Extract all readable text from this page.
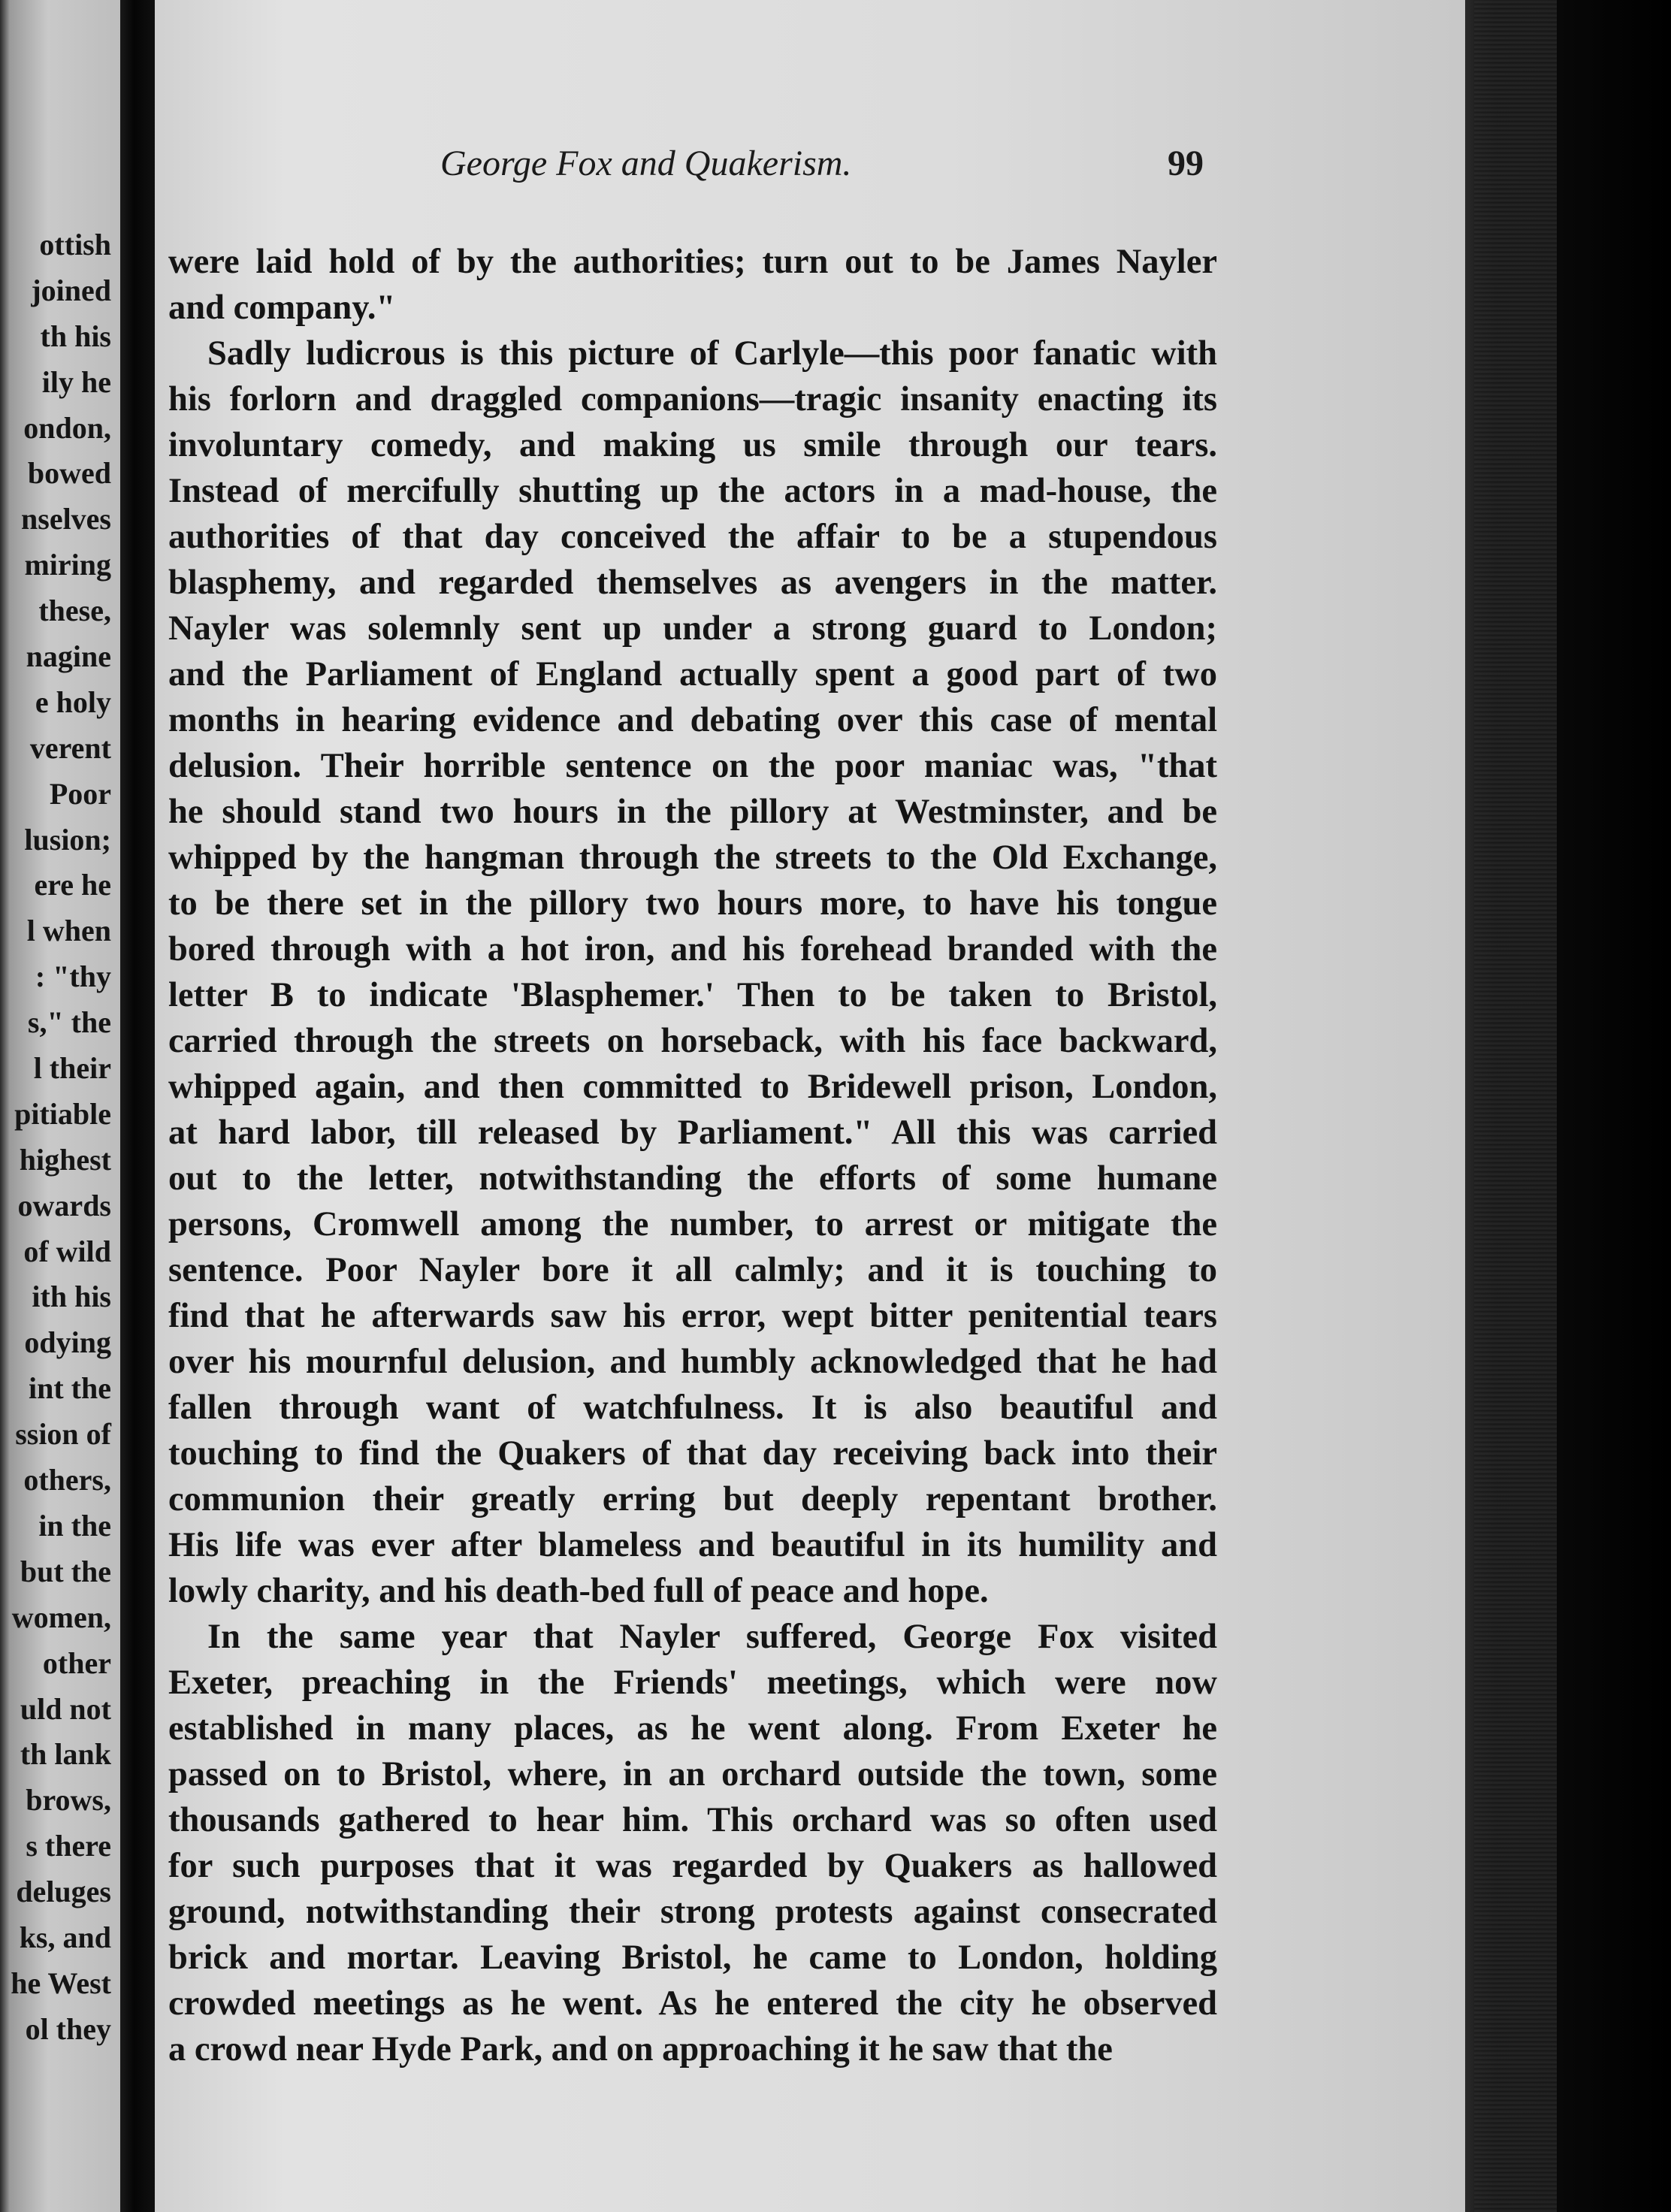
ottish
joined
th his
ily he
ondon,
bowed
nselves
miring
these,
nagine
e holy
verent
Poor
lusion;
ere he
l when
: "thy
s," the
l their
pitiable
highest
owards
of wild
ith his
odying
int the
ssion of
others,
in the
but the
women,
other
uld not
th lank
brows,
s there
deluges
ks, and
he West
ol they
George Fox and Quakerism.	99
were laid hold of by the authorities; turn out to be James Nayler
and company."
Sadly ludicrous is this picture of Carlyle—this poor fanatic with
his forlorn and draggled companions—tragic insanity enacting its
involuntary comedy, and making us smile through our tears.
Instead of mercifully shutting up the actors in a mad-house, the
authorities of that day conceived the affair to be a stupendous
blasphemy, and regarded themselves as avengers in the matter.
Nayler was solemnly sent up under a strong guard to London;
and the Parliament of England actually spent a good part of two
months in hearing evidence and debating over this case of mental
delusion. Their horrible sentence on the poor maniac was, "that
he should stand two hours in the pillory at Westminster, and be
whipped by the hangman through the streets to the Old Exchange,
to be there set in the pillory two hours more, to have his tongue
bored through with a hot iron, and his forehead branded with the
letter B to indicate 'Blasphemer.' Then to be taken to Bristol,
carried through the streets on horseback, with his face backward,
whipped again, and then committed to Bridewell prison, London,
at hard labor, till released by Parliament." All this was carried
out to the letter, notwithstanding the efforts of some humane
persons, Cromwell among the number, to arrest or mitigate the
sentence. Poor Nayler bore it all calmly; and it is touching to
find that he afterwards saw his error, wept bitter penitential tears
over his mournful delusion, and humbly acknowledged that he had
fallen through want of watchfulness. It is also beautiful and
touching to find the Quakers of that day receiving back into their
communion their greatly erring but deeply repentant brother.
His life was ever after blameless and beautiful in its humility and
lowly charity, and his death-bed full of peace and hope.
In the same year that Nayler suffered, George Fox visited
Exeter, preaching in the Friends' meetings, which were now
established in many places, as he went along. From Exeter he
passed on to Bristol, where, in an orchard outside the town, some
thousands gathered to hear him. This orchard was so often used
for such purposes that it was regarded by Quakers as hallowed
ground, notwithstanding their strong protests against consecrated
brick and mortar. Leaving Bristol, he came to London, holding
crowded meetings as he went. As he entered the city he observed
a crowd near Hyde Park, and on approaching it he saw that the
